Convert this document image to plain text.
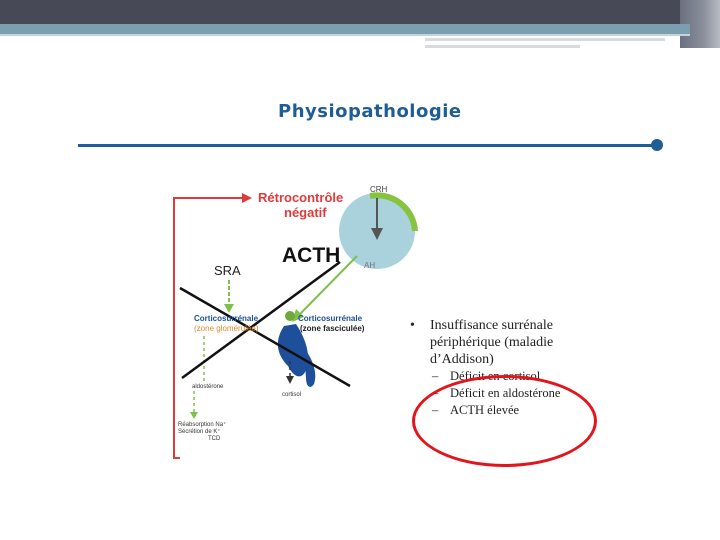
Physiopathologie
Rétrocontrôle
négatif
CRH
ACTH	AH
SRA
Corticosurrénale	Corticosurrénale
(zone glomérulée)	(zone fasciculée)
aldostérone
cortisol
Réabsorption Na⁺
Sécrétion de K⁺
TCD
• Insuffisance surrénale périphérique (maladie d’Addison)
– Déficit en cortisol
– Déficit en aldostérone
– ACTH élevée
